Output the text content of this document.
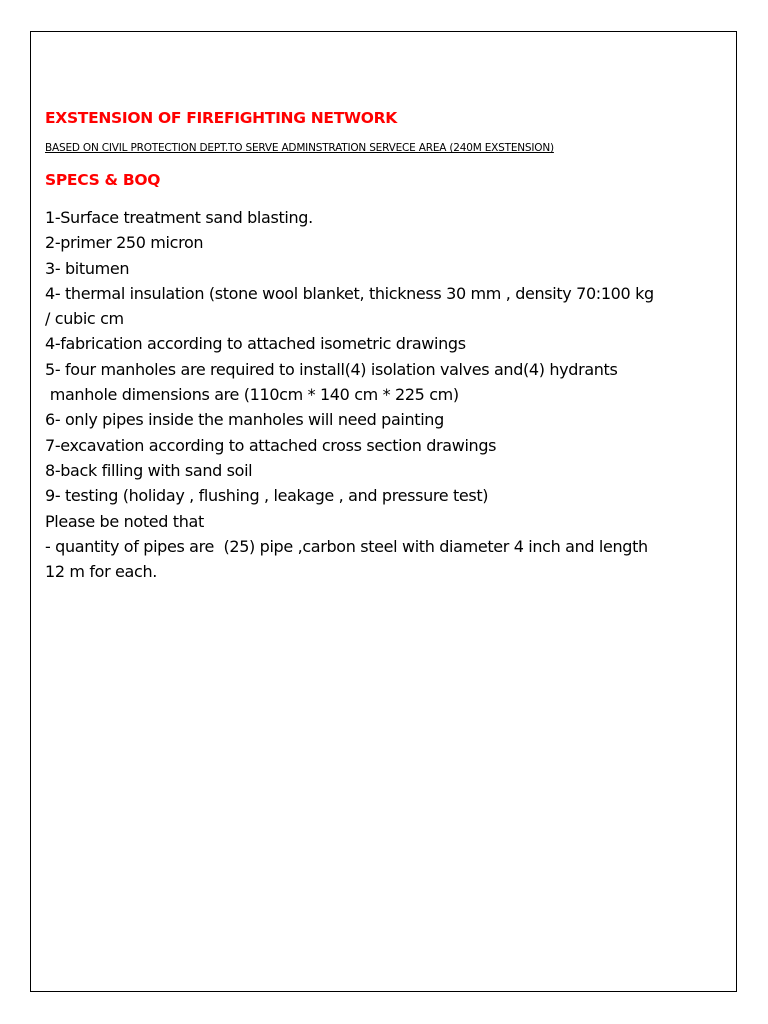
EXSTENSION OF FIREFIGHTING NETWORK
BASED ON CIVIL PROTECTION DEPT.TO SERVE ADMINSTRATION SERVECE AREA (240M EXSTENSION)
SPECS & BOQ
1-Surface treatment sand blasting.
2-primer 250 micron
3- bitumen
4- thermal insulation (stone wool blanket, thickness 30 mm , density 70:100 kg
/ cubic cm
4-fabrication according to attached isometric drawings
5- four manholes are required to install(4) isolation valves and(4) hydrants
manhole dimensions are (110cm * 140 cm * 225 cm)
6- only pipes inside the manholes will need painting
7-excavation according to attached cross section drawings
8-back filling with sand soil
9- testing (holiday , flushing , leakage , and pressure test)
Please be noted that
- quantity of pipes are  (25) pipe ,carbon steel with diameter 4 inch and length
12 m for each.
